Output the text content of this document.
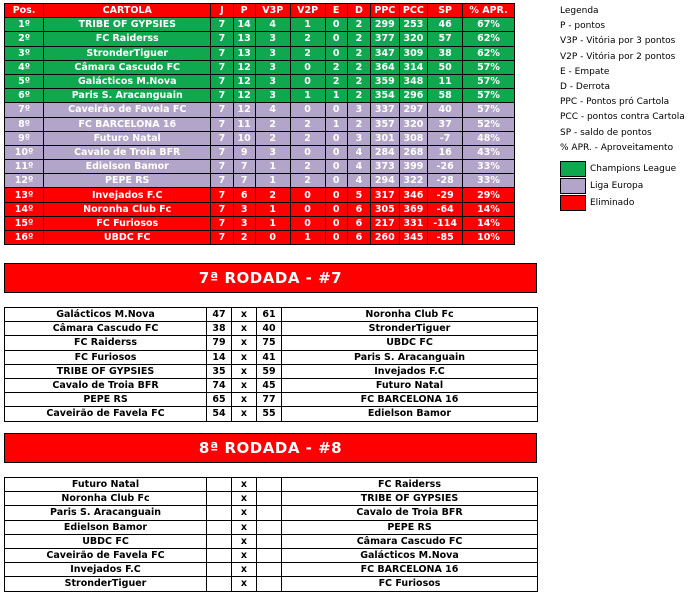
Pos.	CARTOLA	J	P	V3P	V2P	E	D	PPC	PCC	SP	% APR.
1º	TRIBE OF GYPSIES	7	14	4	1	0	2	299	253	46	67%
2º	FC Raiderss	7	13	3	2	0	2	377	320	57	62%
3º	StronderTiguer	7	13	3	2	0	2	347	309	38	62%
4º	Câmara Cascudo FC	7	12	3	0	2	2	364	314	50	57%
5º	Galácticos M.Nova	7	12	3	0	2	2	359	348	11	57%
6º	Paris S. Aracanguain	7	12	3	1	1	2	354	296	58	57%
7º	Caveirão de Favela FC	7	12	4	0	0	3	337	297	40	57%
8º	FC BARCELONA 16	7	11	2	2	1	2	357	320	37	52%
9º	Futuro Natal	7	10	2	2	0	3	301	308	-7	48%
10º	Cavalo de Troia BFR	7	9	3	0	0	4	284	268	16	43%
11º	Edielson Bamor	7	7	1	2	0	4	373	399	-26	33%
12º	PEPE RS	7	7	1	2	0	4	294	322	-28	33%
13º	Invejados F.C	7	6	2	0	0	5	317	346	-29	29%
14º	Noronha Club Fc	7	3	1	0	0	6	305	369	-64	14%
15º	FC Furiosos	7	3	1	0	0	6	217	331	-114	14%
16º	UBDC FC	7	2	0	1	0	6	260	345	-85	10%
Legenda
P - pontos
V3P - Vitória por 3 pontos
V2P - Vitória por 2 pontos
E - Empate
D - Derrota
PPC - Pontos pró Cartola
PCC - pontos contra Cartola
SP - saldo de pontos
% APR. - Aproveitamento
Champions League
Liga Europa
Eliminado
7ª RODADA - #7
Galácticos M.Nova	47	x	61	Noronha Club Fc
Câmara Cascudo FC	38	x	40	StronderTiguer
FC Raiderss	79	x	75	UBDC FC
FC Furiosos	14	x	41	Paris S. Aracanguain
TRIBE OF GYPSIES	35	x	59	Invejados F.C
Cavalo de Troia BFR	74	x	45	Futuro Natal
PEPE RS	65	x	77	FC BARCELONA 16
Caveirão de Favela FC	54	x	55	Edielson Bamor
8ª RODADA - #8
Futuro Natal		x		FC Raiderss
Noronha Club Fc		x		TRIBE OF GYPSIES
Paris S. Aracanguain		x		Cavalo de Troia BFR
Edielson Bamor		x		PEPE RS
UBDC FC		x		Câmara Cascudo FC
Caveirão de Favela FC		x		Galácticos M.Nova
Invejados F.C		x		FC BARCELONA 16
StronderTiguer		x		FC Furiosos
